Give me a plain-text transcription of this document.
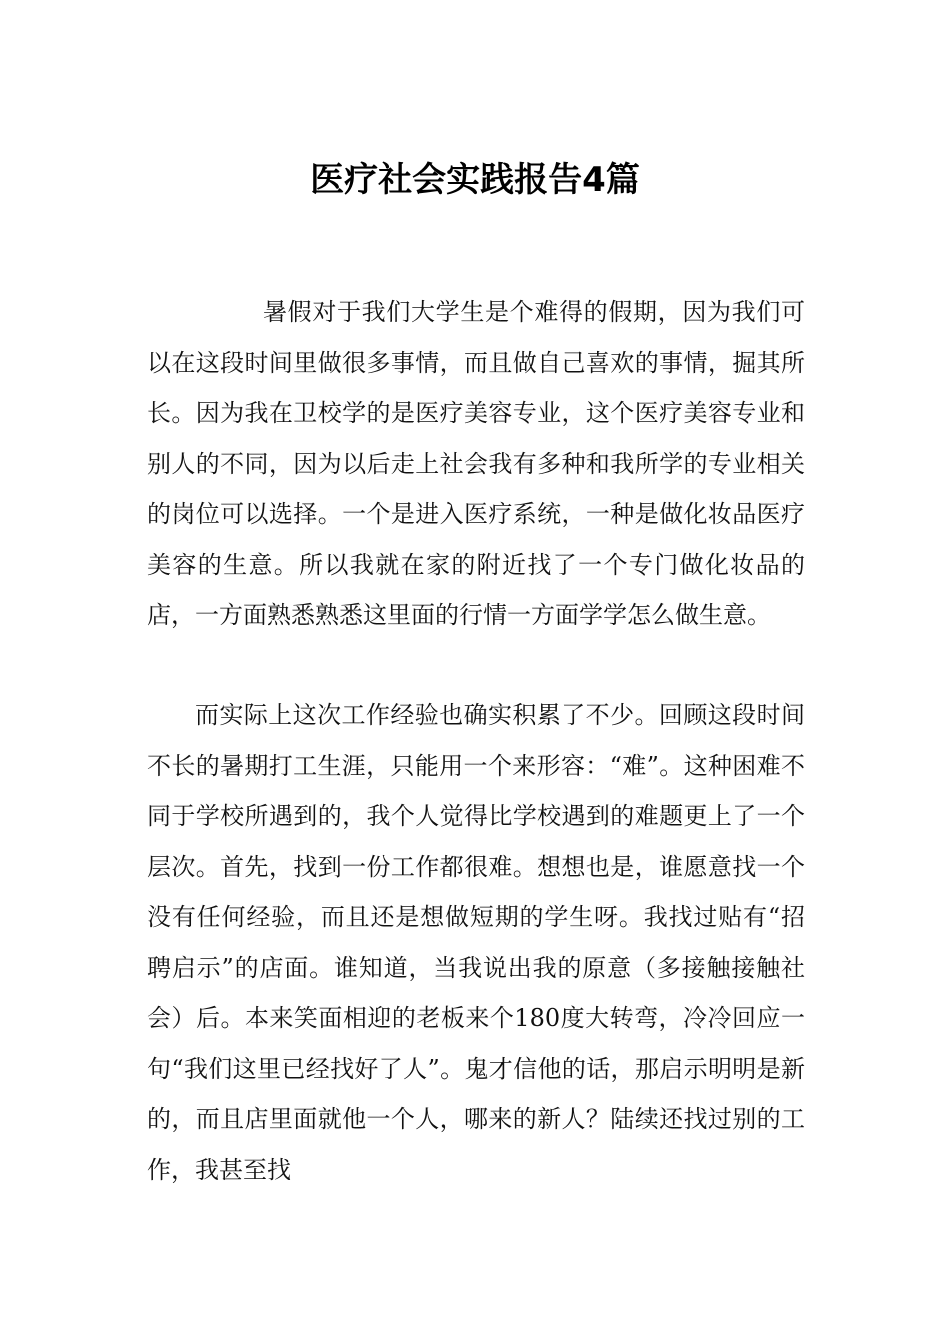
医疗社会实践报告4篇

暑假对于我们大学生是个难得的假期，因为我们可以在这段时间里做很多事情，而且做自己喜欢的事情，掘其所长。因为我在卫校学的是医疗美容专业，这个医疗美容专业和别人的不同，因为以后走上社会我有多种和我所学的专业相关的岗位可以选择。一个是进入医疗系统，一种是做化妆品医疗美容的生意。所以我就在家的附近找了一个专门做化妆品的店，一方面熟悉熟悉这里面的行情一方面学学怎么做生意。

而实际上这次工作经验也确实积累了不少。回顾这段时间不长的暑期打工生涯，只能用一个来形容：“难”。这种困难不同于学校所遇到的，我个人觉得比学校遇到的难题更上了一个层次。首先，找到一份工作都很难。想想也是，谁愿意找一个没有任何经验，而且还是想做短期的学生呀。我找过贴有“招聘启示”的店面。谁知道，当我说出我的原意（多接触接触社会）后。本来笑面相迎的老板来个180度大转弯，冷冷回应一句“我们这里已经找好了人”。鬼才信他的话，那启示明明是新的，而且店里面就他一个人，哪来的新人？陆续还找过别的工作，我甚至找
